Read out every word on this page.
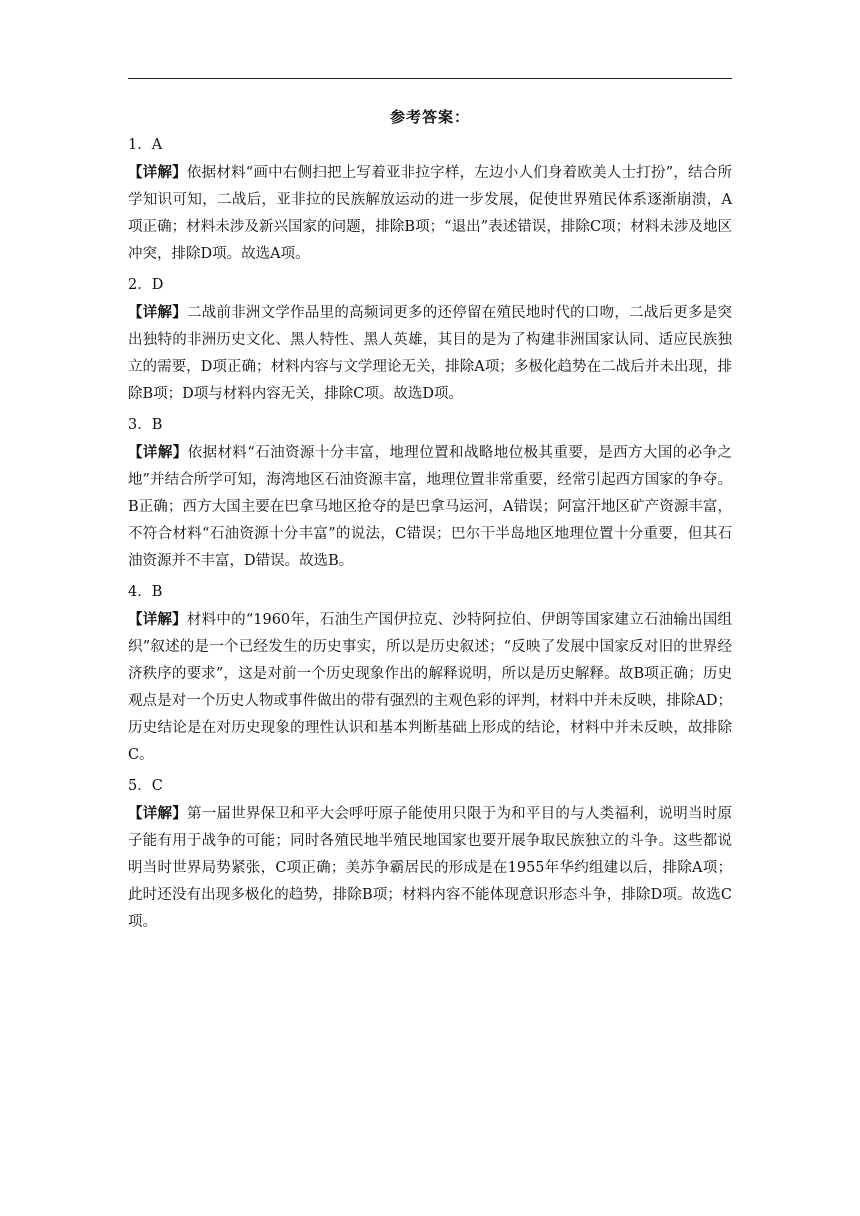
参考答案：

1．A

【详解】依据材料“画中右侧扫把上写着亚非拉字样，左边小人们身着欧美人士打扮”，结合所学知识可知，二战后，亚非拉的民族解放运动的进一步发展，促使世界殖民体系逐渐崩溃，A项正确；材料未涉及新兴国家的问题，排除B项；“退出”表述错误，排除C项；材料未涉及地区冲突，排除D项。故选A项。

2．D

【详解】二战前非洲文学作品里的高频词更多的还停留在殖民地时代的口吻，二战后更多是突出独特的非洲历史文化、黑人特性、黑人英雄，其目的是为了构建非洲国家认同、适应民族独立的需要，D项正确；材料内容与文学理论无关，排除A项；多极化趋势在二战后并未出现，排除B项；D项与材料内容无关，排除C项。故选D项。

3．B

【详解】依据材料“石油资源十分丰富，地理位置和战略地位极其重要，是西方大国的必争之地”并结合所学可知，海湾地区石油资源丰富，地理位置非常重要，经常引起西方国家的争夺。B正确；西方大国主要在巴拿马地区抢夺的是巴拿马运河，A错误；阿富汗地区矿产资源丰富，不符合材料“石油资源十分丰富”的说法，C错误；巴尔干半岛地区地理位置十分重要，但其石油资源并不丰富，D错误。故选B。

4．B

【详解】材料中的“1960年，石油生产国伊拉克、沙特阿拉伯、伊朗等国家建立石油输出国组织”叙述的是一个已经发生的历史事实，所以是历史叙述；“反映了发展中国家反对旧的世界经济秩序的要求”，这是对前一个历史现象作出的解释说明，所以是历史解释。故B项正确；历史观点是对一个历史人物或事件做出的带有强烈的主观色彩的评判，材料中并未反映，排除AD；历史结论是在对历史现象的理性认识和基本判断基础上形成的结论，材料中并未反映，故排除C。

5．C

【详解】第一届世界保卫和平大会呼吁原子能使用只限于为和平目的与人类福利，说明当时原子能有用于战争的可能；同时各殖民地半殖民地国家也要开展争取民族独立的斗争。这些都说明当时世界局势紧张，C项正确；美苏争霸居民的形成是在1955年华约组建以后，排除A项；此时还没有出现多极化的趋势，排除B项；材料内容不能体现意识形态斗争，排除D项。故选C项。
